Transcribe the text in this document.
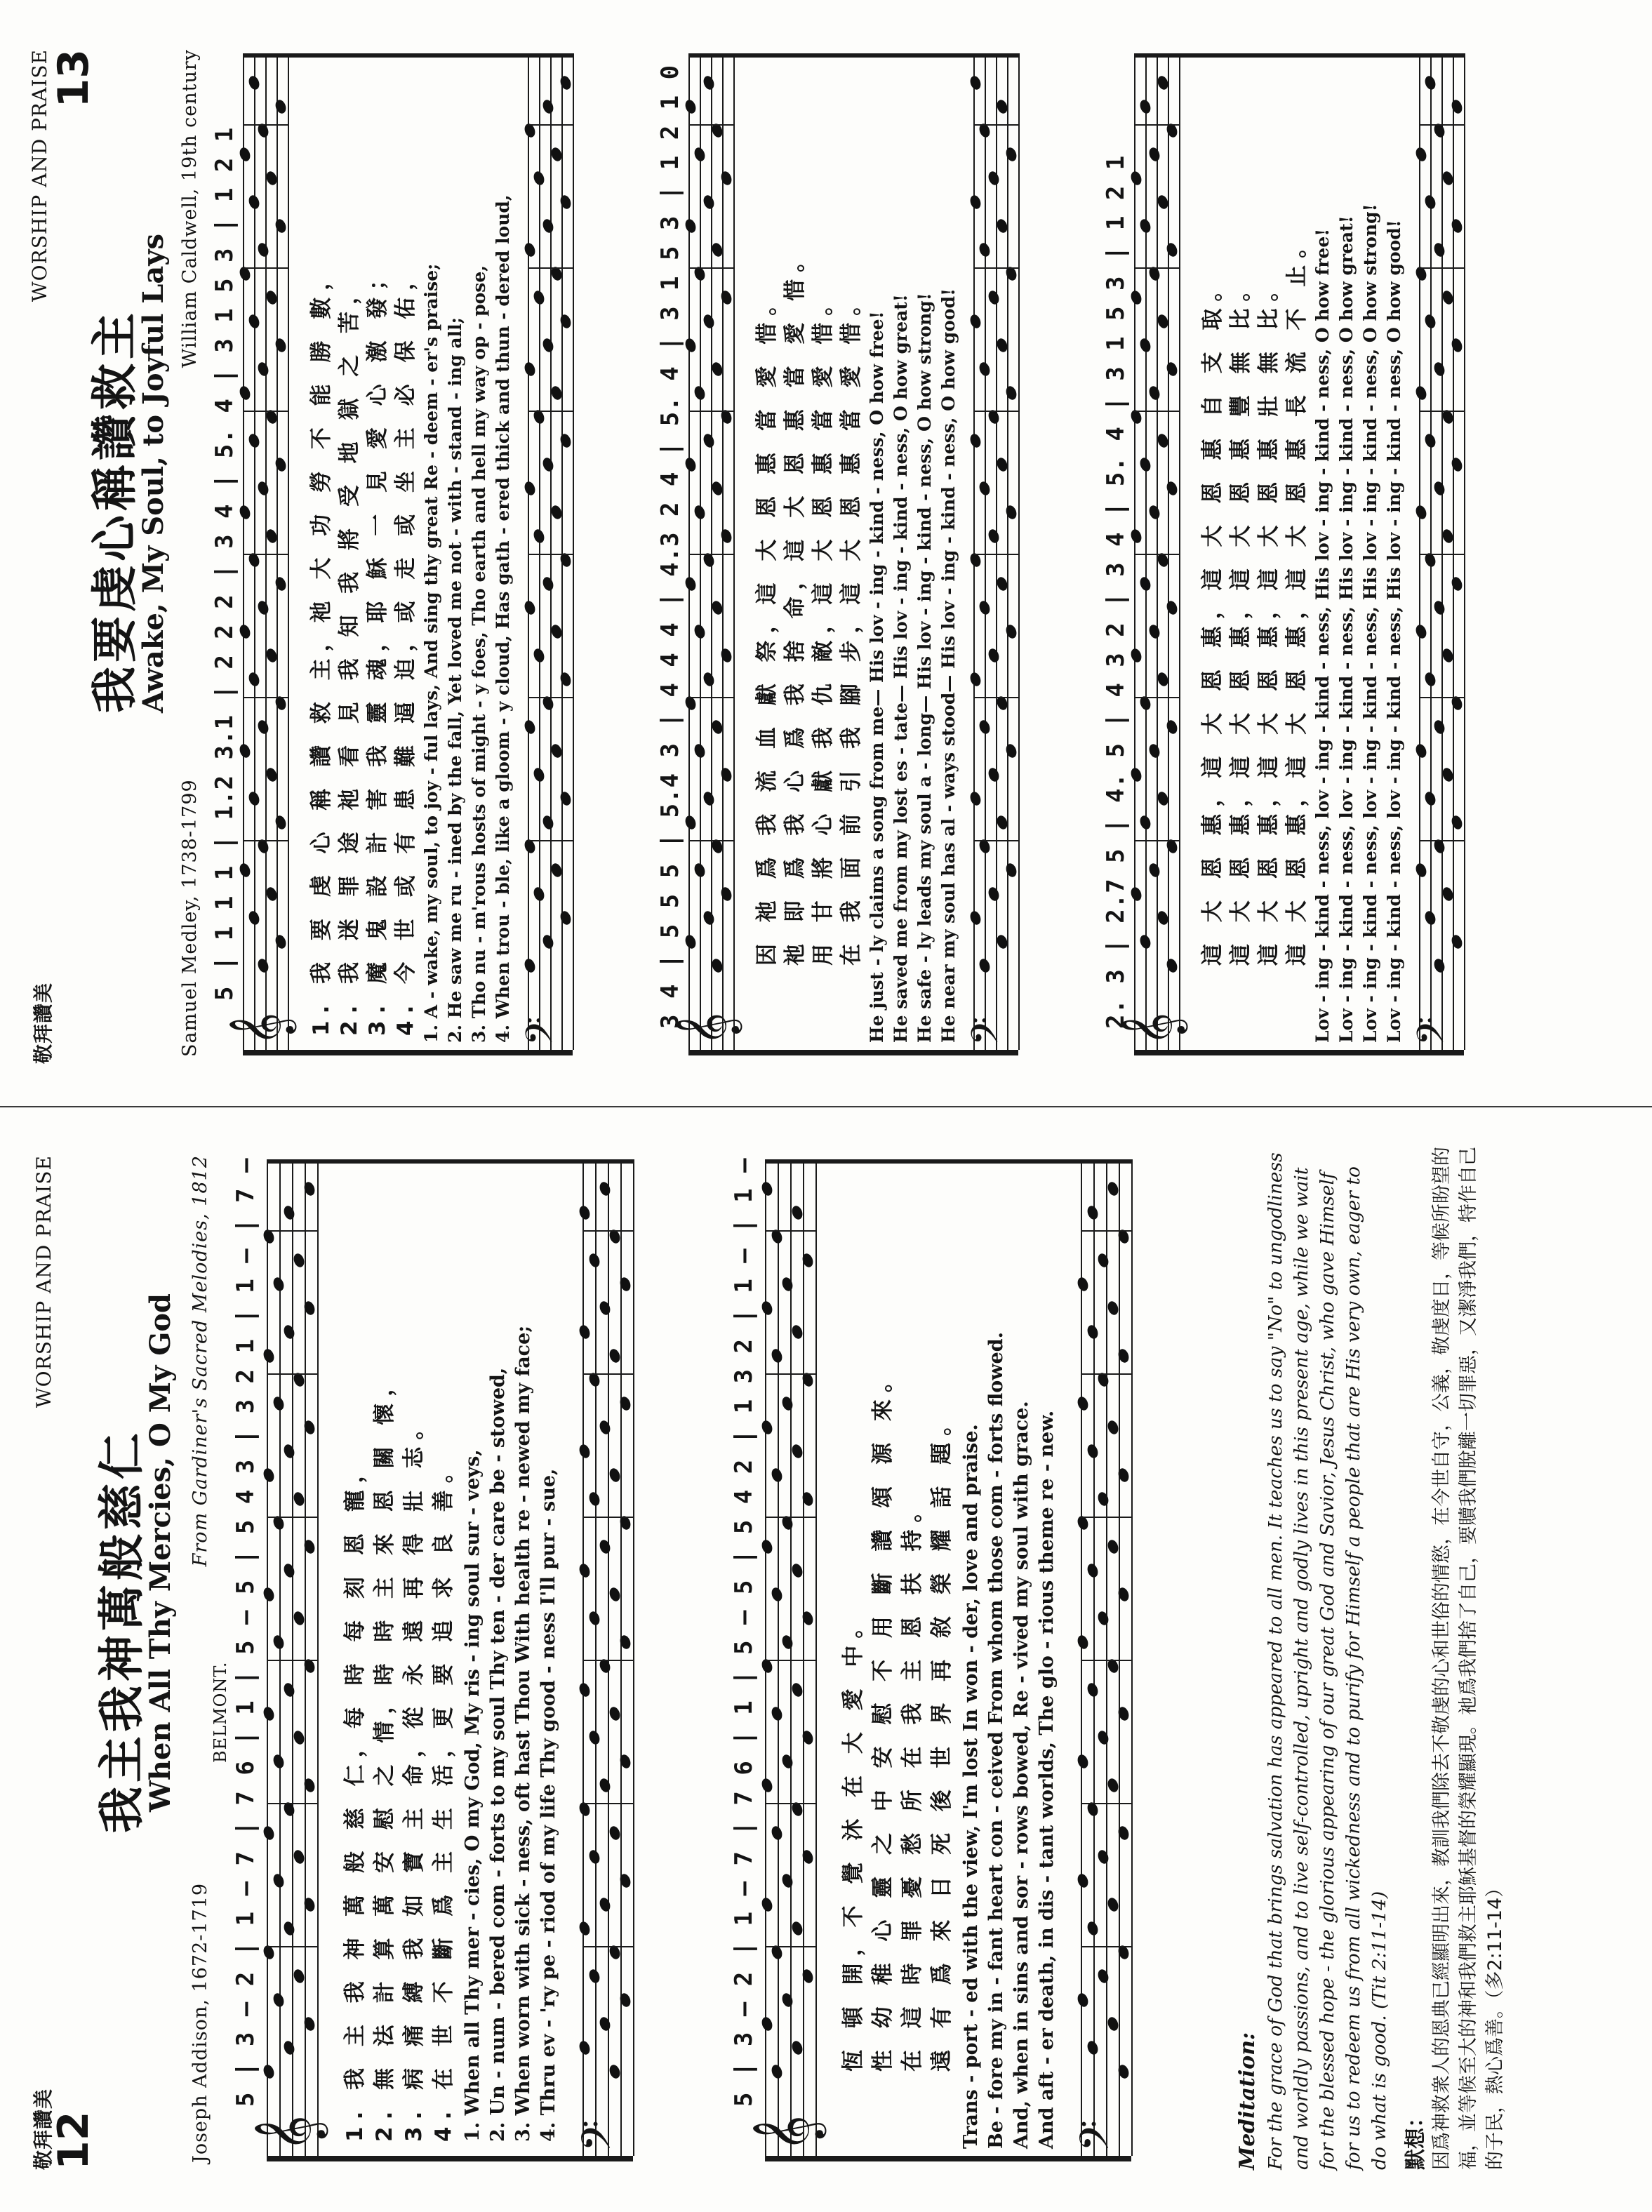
敬拜讚美
12
WORSHIP AND PRAISE
我主我神萬般慈仁
When All Thy Mercies, O My God
Joseph Addison, 1672-1719
From Gardiner's Sacred Melodies, 1812
BELMONT. 5 | 3 — 2 | 1 — 7 | 7 6 | 1 | 5 — 5 | 5 4 3 | 3 2 1 | 1 — | 7 —
𝄞 1. 我 主 我 神 萬 般 慈 仁，每 時 每 刻 恩 寵， 2. 無 法 計 算 萬 安 慰 之 情，時 時 主 來 恩 關 懷， 3. 病 痛 縛 我 如 寶 主 命，從 永 遠 再 得 壯 志。 4. 在 世 不 斷 爲 主 生 活，更 要 追 求 良 善。 1. When all Thy mer - cies, O my God, My ris - ing soul sur - veys, 2. Un - num - bered com - forts to my soul Thy ten - der care be - stowed, 3. When worn with sick - ness, oft hast Thou With health re - newed my face; 4. Thru ev - 'ry pe - riod of my life Thy good - ness I'll pur - sue, 𝄢
5 | 3 — 2 | 1 — 7 | 7 6 | 1 | 5 — 5 | 5 4 2 | 1 3 2 | 1 — | 1 —
𝄞
恆 頓 開，不 覺 沐 在 大 愛 中。 性 幼 稚 心 靈 之 中 安 慰 不 用 斷 讚 頌 源 來。 在 這 時 罪 憂 愁 所 在 我 主 恩 扶 持。 遠 有 爲 來 日 死 後 世 界 再 敘 榮 耀 話 題。 Trans - port - ed with the view, I'm lost In won - der, love and praise. Be - fore my in - fant heart con - ceived From whom those com - forts flowed. And, when in sins and sor - rows bowed, Re - vived my soul with grace. And aft - er death, in dis - tant worlds, The glo - rious theme re - new. 𝄢	Meditation: For the grace of God that brings salvation has appeared to all men. It teaches us to say "No" to ungodliness and worldly passions, and to live self-controlled, upright and godly lives in this present age, while we wait for the blessed hope - the glorious appearing of our great God and Savior, Jesus Christ, who gave Himself for us to redeem us from all wickedness and to purify for Himself a people that are His very own, eager to do what is good. (Tit 2:11-14) 默想： 因爲神救衆人的恩典已經顯明出來，教訓我們除去不敬虔的心和世俗的情慾，在今世自守，公義，敬虔度日，等候所盼望的福，並等候至大的神和我們救主耶穌基督的榮耀顯現。祂爲我們捨了自己，要贖我們脫離一切罪惡，又潔淨我們，特作自己的子民，熱心爲善。（多2:11-14）
敬拜讚美
WORSHIP AND PRAISE
13
我要虔心稱讚救主
Awake, My Soul, to Joyful Lays
Samuel Medley, 1738-1799
William Caldwell, 19th century 5 | 1 1 1 | 1.2 3.1 | 2 2 2 | 3 4 | 5. 4 | 3 1 5 3 | 1 2 1
𝄞 1. 我 要 虔 心 稱 讚 救 主，祂 大 功 勞 不 能 勝 數， 2. 我 迷 罪 途 祂 看 見 我 知 我 將 受 地 獄 之 苦， 3. 魔 鬼 設 計 害 我 靈 魂，耶 穌 一 見 愛 心 激 發； 4. 今 世 或 有 患 難 逼 迫，或 走 或 坐 主 必 保 佑， 1. A - wake, my soul, to joy - ful lays, And sing thy great Re - deem - er's praise; 2. He saw me ru - ined by the fall, Yet loved me not - with - stand - ing all; 3. Tho nu - m'rous hosts of might - y foes, Tho earth and hell my way op - pose, 4. When trou - ble, like a gloom - y cloud, Has gath - ered thick and thun - dered loud, 𝄢
3 4 | 5 5 5 | 5.4 3 | 4 4 4 | 4.3 2 4 | 5. 4 | 3 1 5 3 | 1 2 1 0
𝄞
因 祂 爲 我 流 血 獻 祭，這 大 恩 惠 當 愛 惜。 祂 即 爲 我 心 爲 我 捨 命，這 大 恩 惠 當 愛 惜。 用 甘 將 心 獻 我 仇 敵，這 大 恩 惠 當 愛 惜。 在 我 面 前 引 我 腳 步，這 大 恩 惠 當 愛 惜。 He just - ly claims a song from me— His lov - ing - kind - ness, O how free! He saved me from my lost es - tate— His lov - ing - kind - ness, O how great! He safe - ly leads my soul a - long— His lov - ing - kind - ness, O how strong! He near my soul has al - ways stood— His lov - ing - kind - ness, O how good! 𝄢
2. 3 | 2.7 5 | 4. 5 | 4 3 2 | 3 4 | 5. 4 | 3 1 5 3 | 1 2 1
𝄞
這 大 恩 惠，這 大 恩 惠，這 大 恩 惠 自 支 取。 這 大 恩 惠，這 大 恩 惠，這 大 恩 惠 豐 無 比。 這 大 恩 惠，這 大 恩 惠，這 大 恩 惠 壯 無 比。 這 大 恩 惠，這 大 恩 惠，這 大 恩 惠 長 流 不 止。 Lov - ing - kind - ness, lov - ing - kind - ness, His lov - ing - kind - ness, O how free! Lov - ing - kind - ness, lov - ing - kind - ness, His lov - ing - kind - ness, O how great! Lov - ing - kind - ness, lov - ing - kind - ness, His lov - ing - kind - ness, O how strong! Lov - ing - kind - ness, lov - ing - kind - ness, His lov - ing - kind - ness, O how good! 𝄢
